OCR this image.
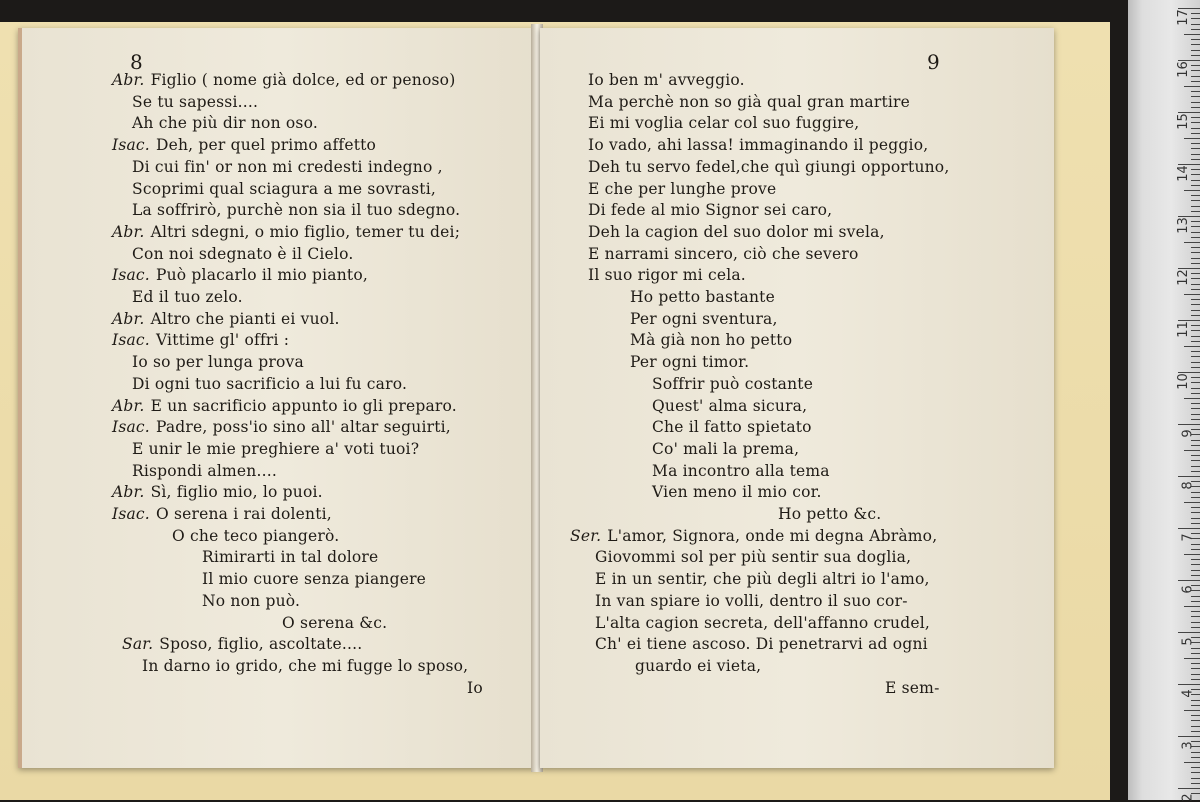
8
Abr. Figlio ( nome già dolce, ed or penoso)
Se tu sapessi....
Ah che più dir non oso.
Isac. Deh, per quel primo affetto
Di cui fin' or non mi credesti indegno ,
Scoprimi qual sciagura a me sovrasti,
La soffrirò, purchè non sia il tuo sdegno.
Abr. Altri sdegni, o mio figlio, temer tu dei;
Con noi sdegnato è il Cielo.
Isac. Può placarlo il mio pianto,
Ed il tuo zelo.
Abr. Altro che pianti ei vuol.
Isac. Vittime gl' offri :
Io so per lunga prova
Di ogni tuo sacrificio a lui fu caro.
Abr. E un sacrificio appunto io gli preparo.
Isac. Padre, poss'io sino all' altar seguirti,
E unir le mie preghiere a' voti tuoi?
Rispondi almen....
Abr. Sì, figlio mio, lo puoi.
Isac. O serena i rai dolenti,
O che teco piangerò.
Rimirarti in tal dolore
Il mio cuore senza piangere
No non può.
O serena &c.
Sar. Sposo, figlio, ascoltate....
In darno io grido, che mi fugge lo sposo,
Io
9
Io ben m' avveggio.
Ma perchè non so già qual gran martire
Ei mi voglia celar col suo fuggire,
Io vado, ahi lassa! immaginando il peggio,
Deh tu servo fedel,che quì giungi opportuno,
E che per lunghe prove
Di fede al mio Signor sei caro,
Deh la cagion del suo dolor mi svela,
E narrami sincero, ciò che severo
Il suo rigor mi cela.
Ho petto bastante
Per ogni sventura,
Mà già non ho petto
Per ogni timor.
Soffrir può costante
Quest' alma sicura,
Che il fatto spietato
Co' mali la prema,
Ma incontro alla tema
Vien meno il mio cor.
Ho petto &c.
Ser. L'amor, Signora, onde mi degna Abràmo,
Giovommi sol per più sentir sua doglia,
E in un sentir, che più degli altri io l'amo,
In van spiare io volli, dentro il suo cor-
L'alta cagion secreta, dell'affanno crudel,
Ch' ei tiene ascoso. Di penetrarvi ad ogni
guardo ei vieta,
E sem-
17
16
15
14
13
12
11
10
9
8
7
6
5
4
3
2
